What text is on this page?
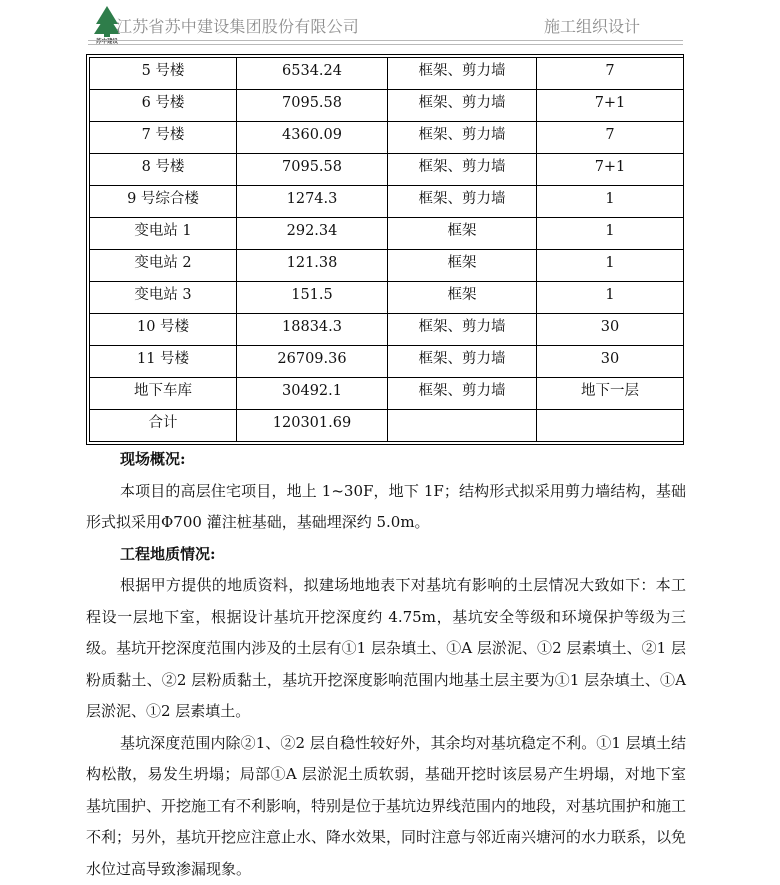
苏中建设
江苏省苏中建设集团股份有限公司	施工组织设计
5 号楼	6534.24	框架、剪力墙	7
6 号楼	7095.58	框架、剪力墙	7+1
7 号楼	4360.09	框架、剪力墙	7
8 号楼	7095.58	框架、剪力墙	7+1
9 号综合楼	1274.3	框架、剪力墙	1
变电站 1	292.34	框架	1
变电站 2	121.38	框架	1
变电站 3	151.5	框架	1
10 号楼	18834.3	框架、剪力墙	30
11 号楼	26709.36	框架、剪力墙	30
地下车库	30492.1	框架、剪力墙	地下一层
合计	120301.69		

现场概况:

本项目的高层住宅项目，地上 1~30F，地下 1F；结构形式拟采用剪力墙结构，基础形式拟采用Φ700 灌注桩基础，基础埋深约 5.0m。

工程地质情况:

根据甲方提供的地质资料，拟建场地地表下对基坑有影响的土层情况大致如下：本工程设一层地下室，根据设计基坑开挖深度约 4.75m，基坑安全等级和环境保护等级为三级。基坑开挖深度范围内涉及的土层有①1 层杂填土、①A 层淤泥、①2 层素填土、②1 层粉质黏土、②2 层粉质黏土，基坑开挖深度影响范围内地基土层主要为①1 层杂填土、①A 层淤泥、①2 层素填土。

基坑深度范围内除②1、②2 层自稳性较好外，其余均对基坑稳定不利。①1 层填土结构松散，易发生坍塌；局部①A 层淤泥土质软弱，基础开挖时该层易产生坍塌，对地下室基坑围护、开挖施工有不利影响，特别是位于基坑边界线范围内的地段，对基坑围护和施工不利；另外，基坑开挖应注意止水、降水效果，同时注意与邻近南兴塘河的水力联系，以免水位过高导致渗漏现象。
